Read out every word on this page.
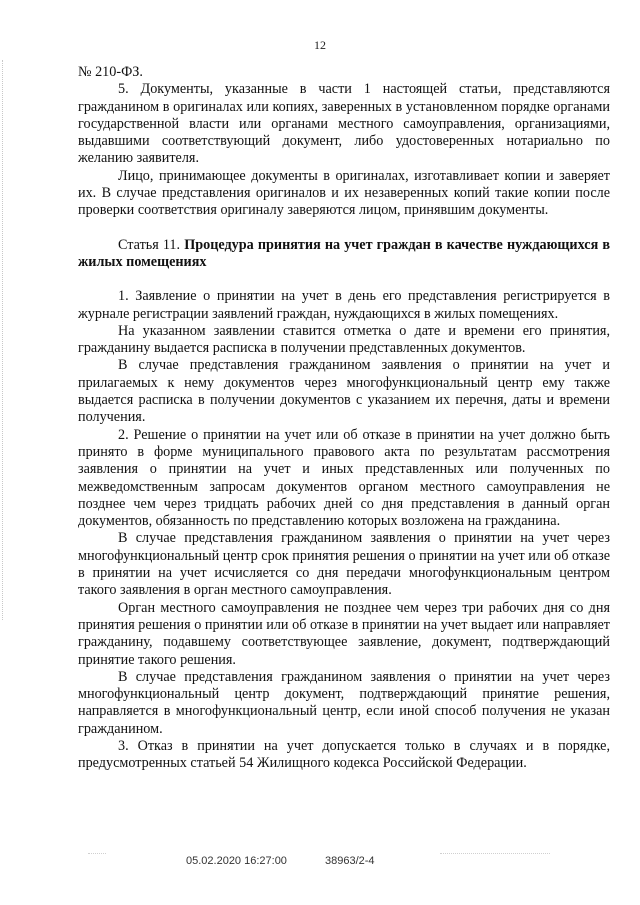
12

№ 210-ФЗ.

5. Документы, указанные в части 1 настоящей статьи, представляются гражданином в оригиналах или копиях, заверенных в установленном порядке органами государственной власти или органами местного самоуправления, организациями, выдавшими соответствующий документ, либо удостоверенных нотариально по желанию заявителя.

Лицо, принимающее документы в оригиналах, изготавливает копии и заверяет их. В случае представления оригиналов и их незаверенных копий такие копии после проверки соответствия оригиналу заверяются лицом, принявшим документы.

Статья 11. Процедура принятия на учет граждан в качестве нуждающихся в жилых помещениях

1. Заявление о принятии на учет в день его представления регистрируется в журнале регистрации заявлений граждан, нуждающихся в жилых помещениях.

На указанном заявлении ставится отметка о дате и времени его принятия, гражданину выдается расписка в получении представленных документов.

В случае представления гражданином заявления о принятии на учет и прилагаемых к нему документов через многофункциональный центр ему также выдается расписка в получении документов с указанием их перечня, даты и времени получения.

2. Решение о принятии на учет или об отказе в принятии на учет должно быть принято в форме муниципального правового акта по результатам рассмотрения заявления о принятии на учет и иных представленных или полученных по межведомственным запросам документов органом местного самоуправления не позднее чем через тридцать рабочих дней со дня представления в данный орган документов, обязанность по представлению которых возложена на гражданина.

В случае представления гражданином заявления о принятии на учет через многофункциональный центр срок принятия решения о принятии на учет или об отказе в принятии на учет исчисляется со дня передачи многофункциональным центром такого заявления в орган местного самоуправления.

Орган местного самоуправления не позднее чем через три рабочих дня со дня принятия решения о принятии или об отказе в принятии на учет выдает или направляет гражданину, подавшему соответствующее заявление, документ, подтверждающий принятие такого решения.

В случае представления гражданином заявления о принятии на учет через многофункциональный центр документ, подтверждающий принятие решения, направляется в многофункциональный центр, если иной способ получения не указан гражданином.

3. Отказ в принятии на учет допускается только в случаях и в порядке, предусмотренных статьей 54 Жилищного кодекса Российской Федерации.

05.02.2020 16:27:00	38963/2-4
